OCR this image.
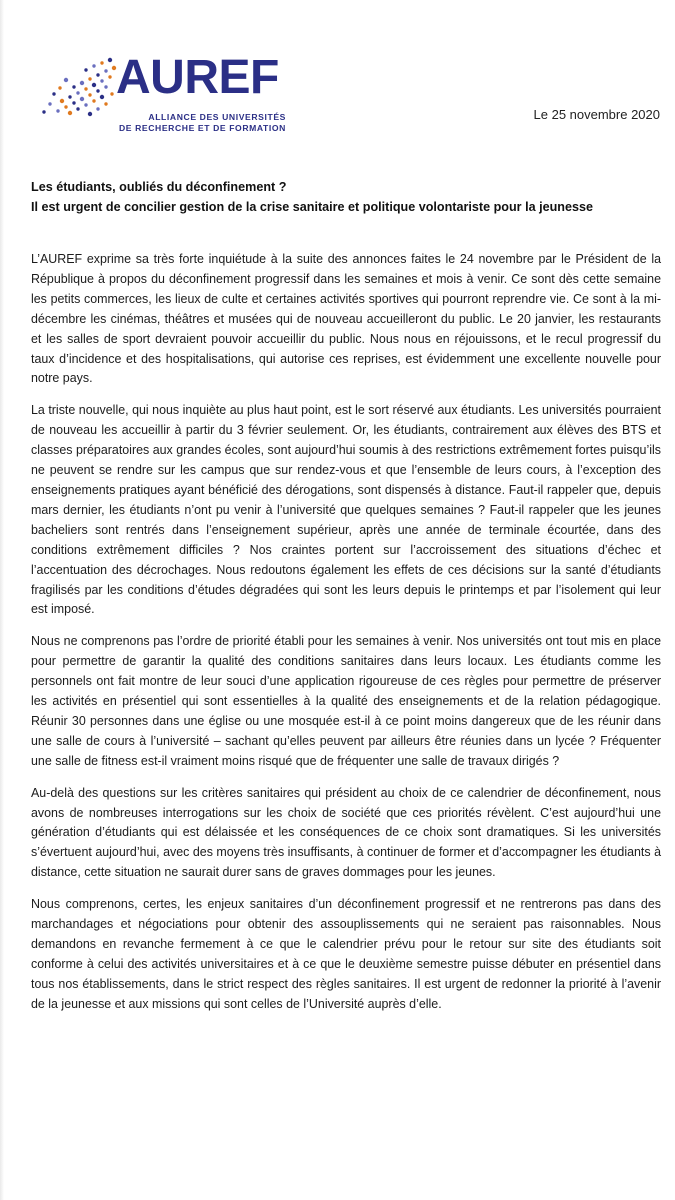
AUREF
ALLIANCE DES UNIVERSITÉS
DE RECHERCHE ET DE FORMATION
Le 25 novembre 2020
Les étudiants, oubliés du déconfinement ?
Il est urgent de concilier gestion de la crise sanitaire et politique volontariste pour la jeunesse

L’AUREF exprime sa très forte inquiétude à la suite des annonces faites le 24 novembre par le Président de la République à propos du déconfinement progressif dans les semaines et mois à venir. Ce sont dès cette semaine les petits commerces, les lieux de culte et certaines activités sportives qui pourront reprendre vie. Ce sont à la mi-décembre les cinémas, théâtres et musées qui de nouveau accueilleront du public. Le 20 janvier, les restaurants et les salles de sport devraient pouvoir accueillir du public. Nous nous en réjouissons, et le recul progressif du taux d’incidence et des hospitalisations, qui autorise ces reprises, est évidemment une excellente nouvelle pour notre pays.

La triste nouvelle, qui nous inquiète au plus haut point, est le sort réservé aux étudiants. Les universités pourraient de nouveau les accueillir à partir du 3 février seulement. Or, les étudiants, contrairement aux élèves des BTS et classes préparatoires aux grandes écoles, sont aujourd’hui soumis à des restrictions extrêmement fortes puisqu’ils ne peuvent se rendre sur les campus que sur rendez-vous et que l’ensemble de leurs cours, à l’exception des enseignements pratiques ayant bénéficié des dérogations, sont dispensés à distance. Faut-il rappeler que, depuis mars dernier, les étudiants n’ont pu venir à l’université que quelques semaines ? Faut-il rappeler que les jeunes bacheliers sont rentrés dans l’enseignement supérieur, après une année de terminale écourtée, dans des conditions extrêmement difficiles ? Nos craintes portent sur l’accroissement des situations d’échec et l’accentuation des décrochages. Nous redoutons également les effets de ces décisions sur la santé d’étudiants fragilisés par les conditions d’études dégradées qui sont les leurs depuis le printemps et par l’isolement qui leur est imposé.

Nous ne comprenons pas l’ordre de priorité établi pour les semaines à venir. Nos universités ont tout mis en place pour permettre de garantir la qualité des conditions sanitaires dans leurs locaux. Les étudiants comme les personnels ont fait montre de leur souci d’une application rigoureuse de ces règles pour permettre de préserver les activités en présentiel qui sont essentielles à la qualité des enseignements et de la relation pédagogique. Réunir 30 personnes dans une église ou une mosquée est-il à ce point moins dangereux que de les réunir dans une salle de cours à l’université – sachant qu’elles peuvent par ailleurs être réunies dans un lycée ? Fréquenter une salle de fitness est-il vraiment moins risqué que de fréquenter une salle de travaux dirigés ?

Au-delà des questions sur les critères sanitaires qui président au choix de ce calendrier de déconfinement, nous avons de nombreuses interrogations sur les choix de société que ces priorités révèlent. C’est aujourd’hui une génération d’étudiants qui est délaissée et les conséquences de ce choix sont dramatiques. Si les universités s’évertuent aujourd’hui, avec des moyens très insuffisants, à continuer de former et d’accompagner les étudiants à distance, cette situation ne saurait durer sans de graves dommages pour les jeunes.

Nous comprenons, certes, les enjeux sanitaires d’un déconfinement progressif et ne rentrerons pas dans des marchandages et négociations pour obtenir des assouplissements qui ne seraient pas raisonnables. Nous demandons en revanche fermement à ce que le calendrier prévu pour le retour sur site des étudiants soit conforme à celui des activités universitaires et à ce que le deuxième semestre puisse débuter en présentiel dans tous nos établissements, dans le strict respect des règles sanitaires. Il est urgent de redonner la priorité à l’avenir de la jeunesse et aux missions qui sont celles de l’Université auprès d’elle.
